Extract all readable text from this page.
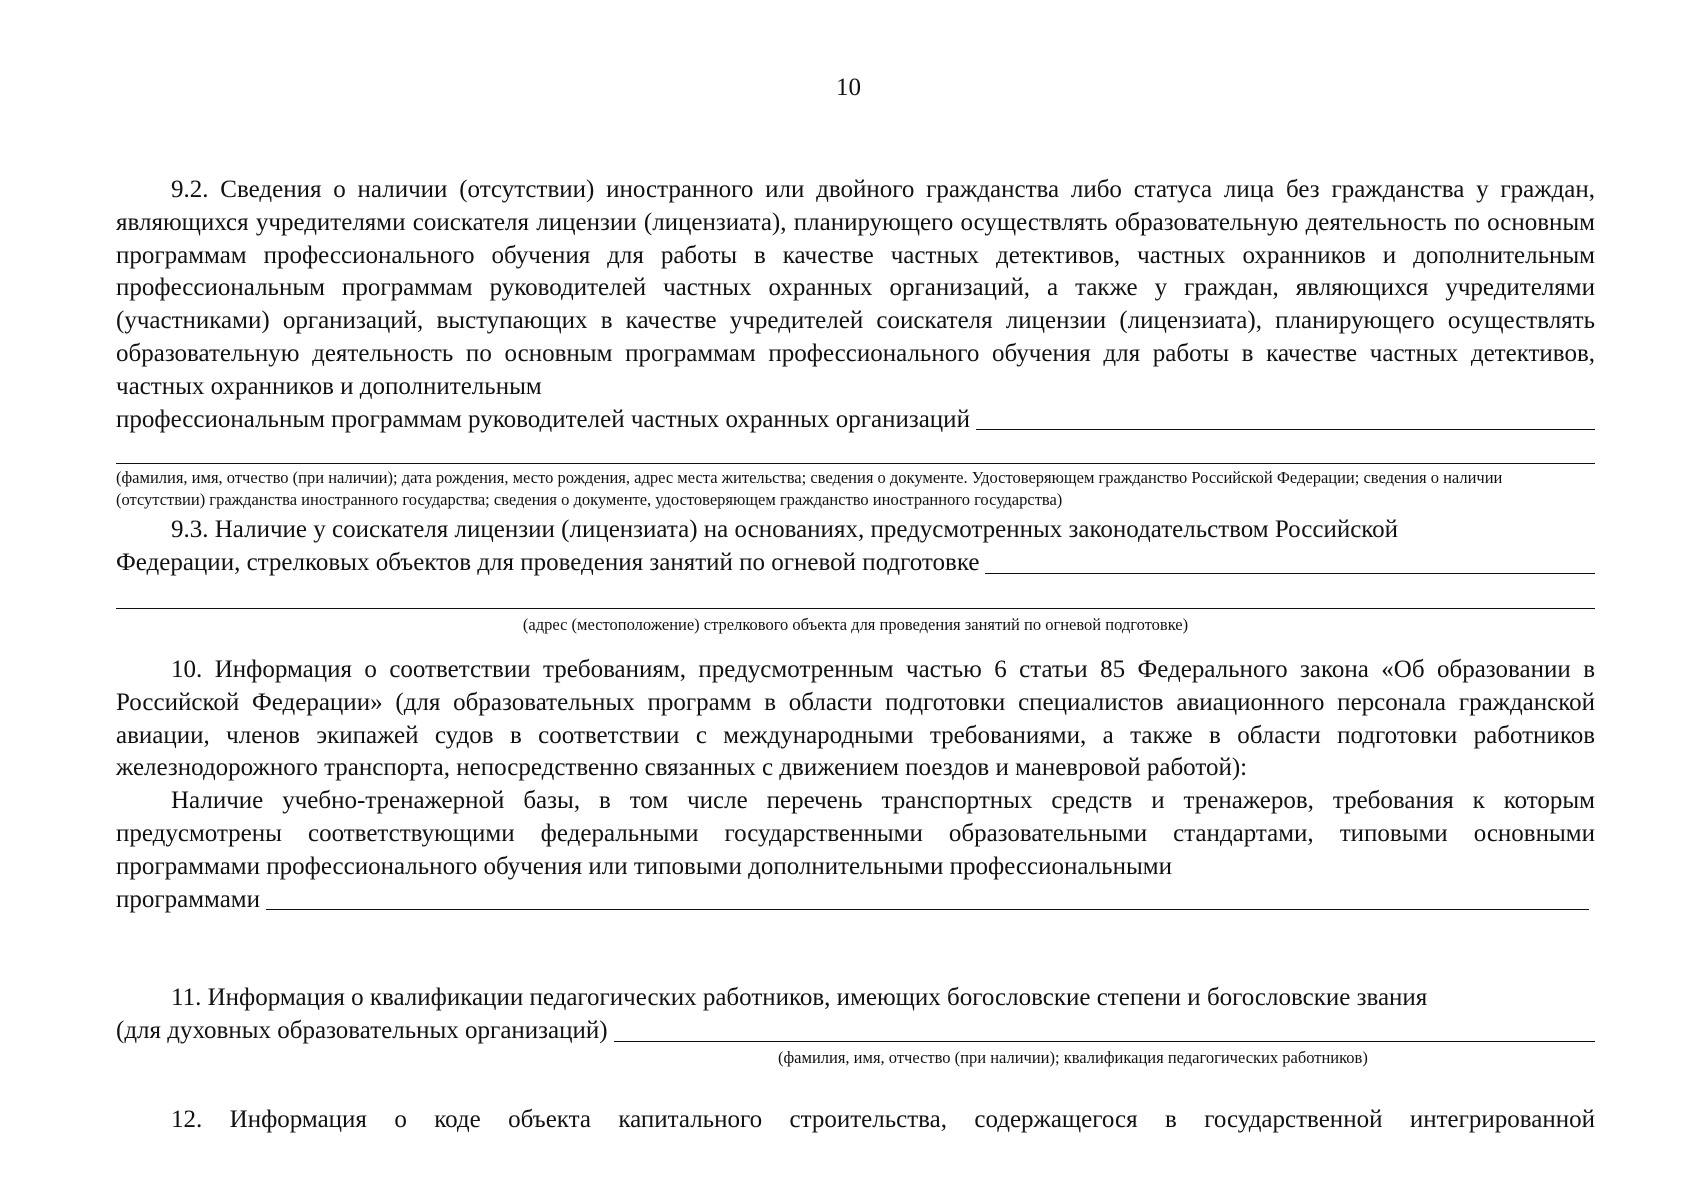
10

9.2. Сведения о наличии (отсутствии) иностранного или двойного гражданства либо статуса лица без гражданства у граждан, являющихся учредителями соискателя лицензии (лицензиата), планирующего осуществлять образовательную деятельность по основным программам профессионального обучения для работы в качестве частных детективов, частных охранников и дополнительным профессиональным программам руководителей частных охранных организаций, а также у граждан, являющихся учредителями (участниками) организаций, выступающих в качестве учредителей соискателя лицензии (лицензиата), планирующего осуществлять образовательную деятельность по основным программам профессионального обучения для работы в качестве частных детективов, частных охранников и дополнительным

профессиональным программам руководителей частных охранных организаций
(фамилия, имя, отчество (при наличии); дата рождения, место рождения, адрес места жительства; сведения о документе. Удостоверяющем гражданство Российской Федерации; сведения о наличии (отсутствии) гражданства иностранного государства; сведения о документе, удостоверяющем гражданство иностранного государства)

9.3. Наличие у соискателя лицензии (лицензиата) на основаниях, предусмотренных законодательством Российской

Федерации, стрелковых объектов для проведения занятий по огневой подготовке
(адрес (местоположение) стрелкового объекта для проведения занятий по огневой подготовке)

10. Информация о соответствии требованиям, предусмотренным частью 6 статьи 85 Федерального закона «Об образовании в Российской Федерации» (для образовательных программ в области подготовки специалистов авиационного персонала гражданской авиации, членов экипажей судов в соответствии с международными требованиями, а также в области подготовки работников железнодорожного транспорта, непосредственно связанных с движением поездов и маневровой работой):

Наличие учебно-тренажерной базы, в том числе перечень транспортных средств и тренажеров, требования к которым предусмотрены соответствующими федеральными государственными образовательными стандартами, типовыми основными программами профессионального обучения или типовыми дополнительными профессиональными

программами

11. Информация о квалификации педагогических работников, имеющих богословские степени и богословские звания

(для духовных образовательных организаций)
(фамилия, имя, отчество (при наличии); квалификация педагогических работников)

12. Информация о коде объекта капитального строительства, содержащегося в государственной интегрированной
